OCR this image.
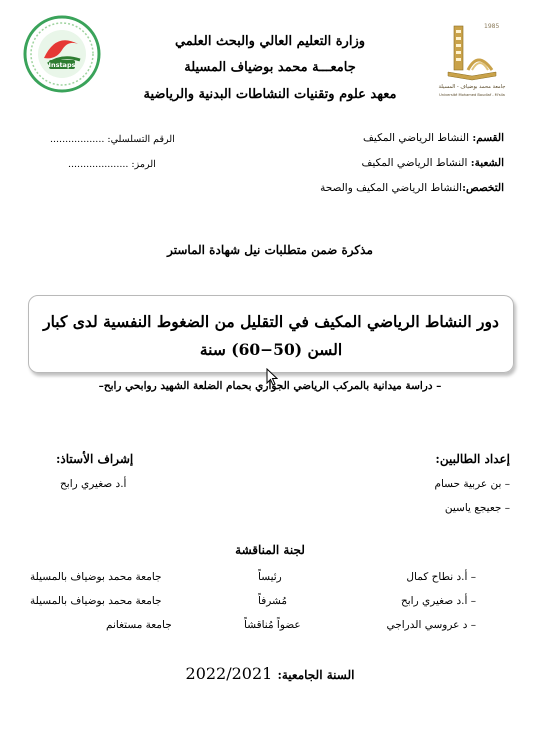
1985
جامعة محمد بوضياف - المسيلة
Université Mohamed Boudiaf - M'sila
Instaps
وزارة التعليم العالي والبحث العلمي
جامعـــة محمد بوضياف المسيلة
معهد علوم وتقنيات النشاطات البدنية والرياضية
القسم: النشاط الرياضي المكيف
الشعبة: النشاط الرياضي المكيف
التخصص:النشاط الرياضي المكيف والصحة
الرقم التسلسلي: ..................
الرمز: ....................
مذكرة ضمن متطلبات نيل شهادة الماستر
دور النشاط الرياضي المكيف في التقليل من الضغوط النفسية لدى كبار
السن (50−60) سنة
– دراسة ميدانية بالمركب الرياضي الجواري بحمام الضلعة الشهيد روابحي رابح–
إعداد الطالبين:
– بن عربية حسام
– جعيجع ياسين
إشراف الأستاذ:
أ.د صغيري رابح
لجنة المناقشة
– أ.د نطاح كمال
رئيساً
جامعة محمد بوضياف بالمسيلة
– أ.د صغيري رابح
مُشرفاً
جامعة محمد بوضياف بالمسيلة
– د عروسي الدراجي
عضواً مُناقشاً
جامعة مستغانم
السنة الجامعية: 2022/2021
